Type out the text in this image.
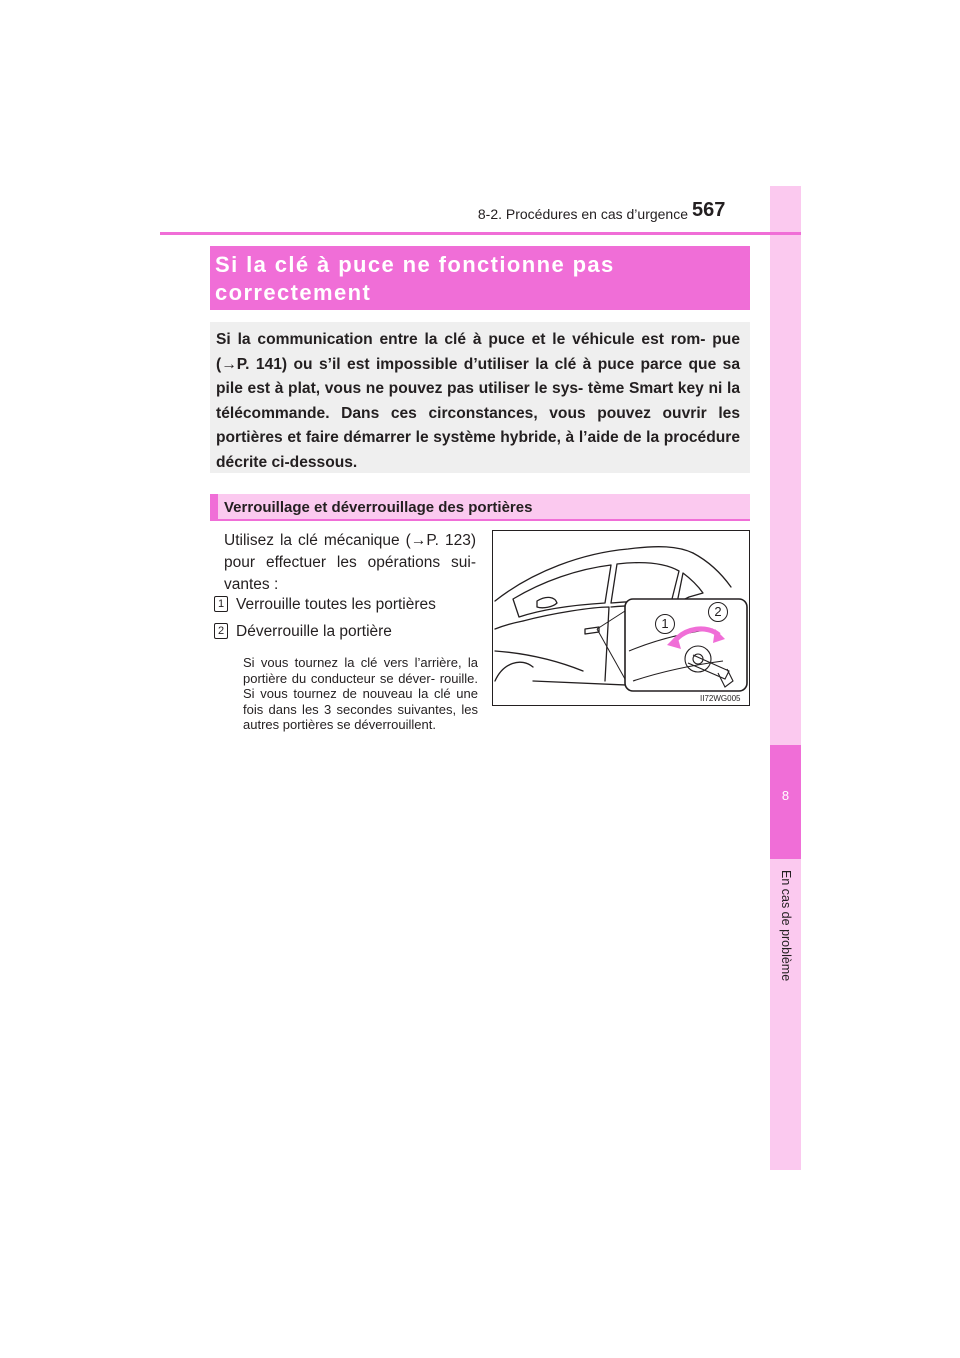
8
En cas de problème
8-2. Procédures en cas d’urgence 567
Si la clé à puce ne fonctionne pas correctement
Si la communication entre la clé à puce et le véhicule est rom- pue (→P. 141) ou s’il est impossible d’utiliser la clé à puce parce que sa pile est à plat, vous ne pouvez pas utiliser le sys- tème Smart key ni la télécommande. Dans ces circonstances, vous pouvez ouvrir les portières et faire démarrer le système hybride, à l’aide de la procédure décrite ci-dessous.
Verrouillage et déverrouillage des portières
Utilisez la clé mécanique (→P. 123) pour effectuer les opérations sui- vantes :
1 Verrouille toutes les portières
2 Déverrouille la portière
Si vous tournez la clé vers l’arrière, la portière du conducteur se déver- rouille. Si vous tournez de nouveau la clé une fois dans les 3 secondes suivantes, les autres portières se déverrouillent.
1
2
II72WG005
